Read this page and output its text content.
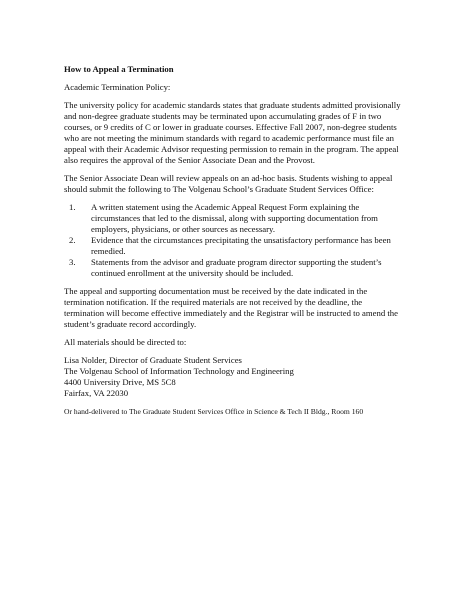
How to Appeal a Termination
Academic Termination Policy:
The university policy for academic standards states that graduate students admitted provisionally
and non-degree graduate students may be terminated upon accumulating grades of F in two
courses, or 9 credits of C or lower in graduate courses. Effective Fall 2007, non-degree students
who are not meeting the minimum standards with regard to academic performance must file an
appeal with their Academic Advisor requesting permission to remain in the program. The appeal
also requires the approval of the Senior Associate Dean and the Provost.
The Senior Associate Dean will review appeals on an ad-hoc basis. Students wishing to appeal
should submit the following to The Volgenau School’s Graduate Student Services Office:
1. A written statement using the Academic Appeal Request Form explaining the
circumstances that led to the dismissal, along with supporting documentation from
employers, physicians, or other sources as necessary.
2. Evidence that the circumstances precipitating the unsatisfactory performance has been
remedied.
3. Statements from the advisor and graduate program director supporting the student’s
continued enrollment at the university should be included.
The appeal and supporting documentation must be received by the date indicated in the
termination notification. If the required materials are not received by the deadline, the
termination will become effective immediately and the Registrar will be instructed to amend the
student’s graduate record accordingly.
All materials should be directed to:
Lisa Nolder, Director of Graduate Student Services
The Volgenau School of Information Technology and Engineering
4400 University Drive, MS 5C8
Fairfax, VA 22030
Or hand-delivered to The Graduate Student Services Office in Science & Tech II Bldg., Room 160
